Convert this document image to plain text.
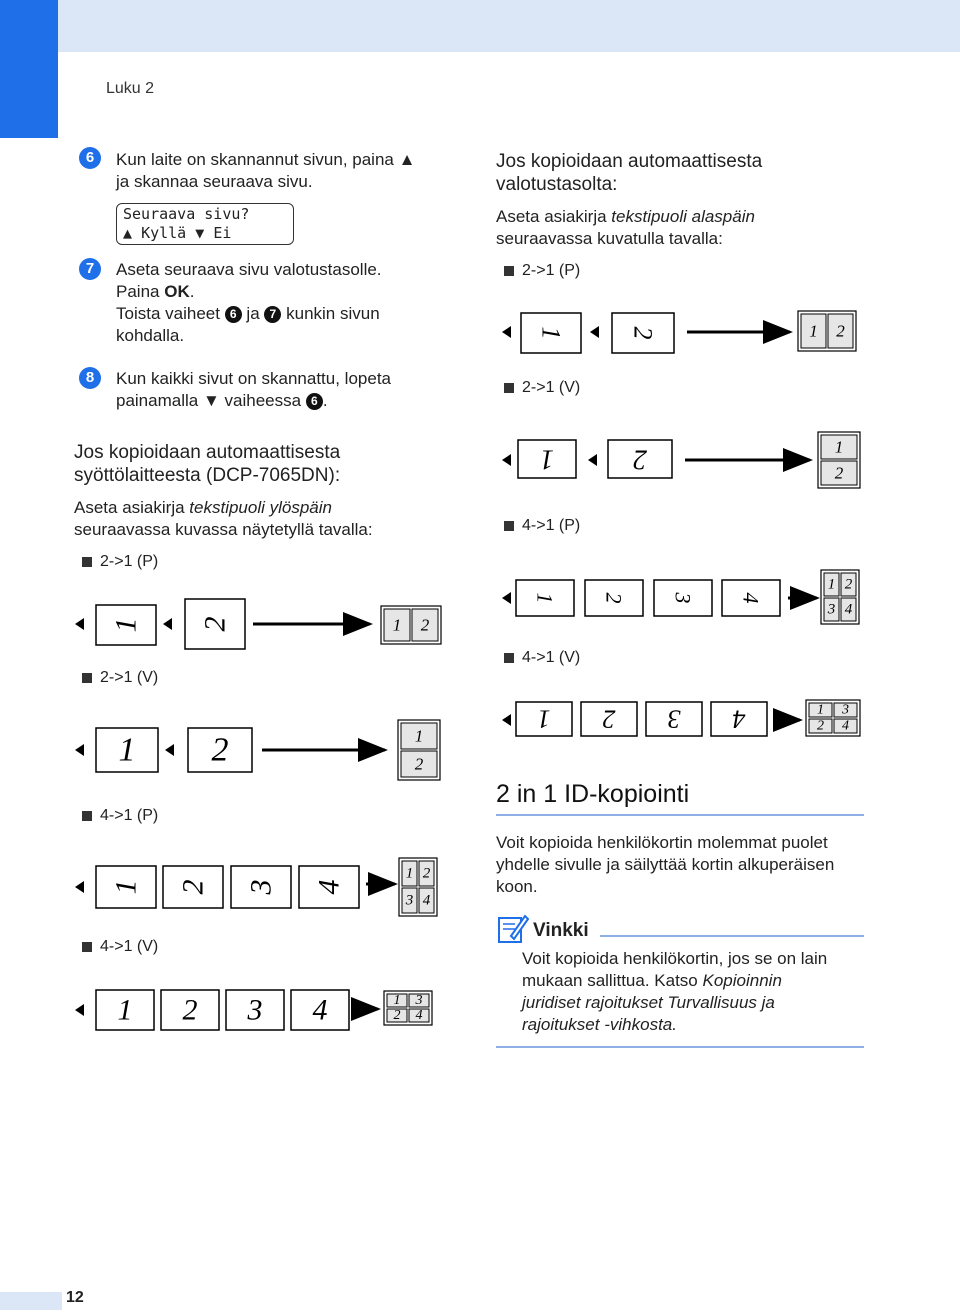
Luku 2
6	Kun laite on skannannut sivun, paina ▲
ja skannaa seuraava sivu.
Seuraava sivu?
▲ Kyllä ▼ Ei
7	Aseta seuraava sivu valotustasolle.
Paina OK.
Toista vaiheet 6 ja 7 kunkin sivun
kohdalla.
8	Kun kaikki sivut on skannattu, lopeta
painamalla ▼ vaiheessa 6 .
Jos kopioidaan automaattisesta
syöttölaitteesta (DCP-7065DN):
Aseta asiakirja tekstipuoli ylöspäin
seuraavassa kuvassa näytetyllä tavalla:
2->1 (P)
2->1 (V)
4->1 (P)
4->1 (V)
Jos kopioidaan automaattisesta
valotustasolta:
Aseta asiakirja tekstipuoli alaspäin
seuraavassa kuvatulla tavalla:
2->1 (P)
2->1 (V)
4->1 (P)
4->1 (V)
1 2	1 2
1 2	1
2
1 2 3 4
1 2
3 4
1 2 3 4	1 3
2 4
1 2	1 2
1	2	1
2
1 2 3 4
1 2
3 4
1 2 3 4	1 3
2 4
2 in 1 ID-kopiointi
Voit kopioida henkilökortin molemmat puolet
yhdelle sivulle ja säilyttää kortin alkuperäisen
koon.
Vinkki
Voit kopioida henkilökortin, jos se on lain
mukaan sallittua. Katso Kopioinnin
juridiset rajoitukset Turvallisuus ja
rajoitukset -vihkosta.
12
